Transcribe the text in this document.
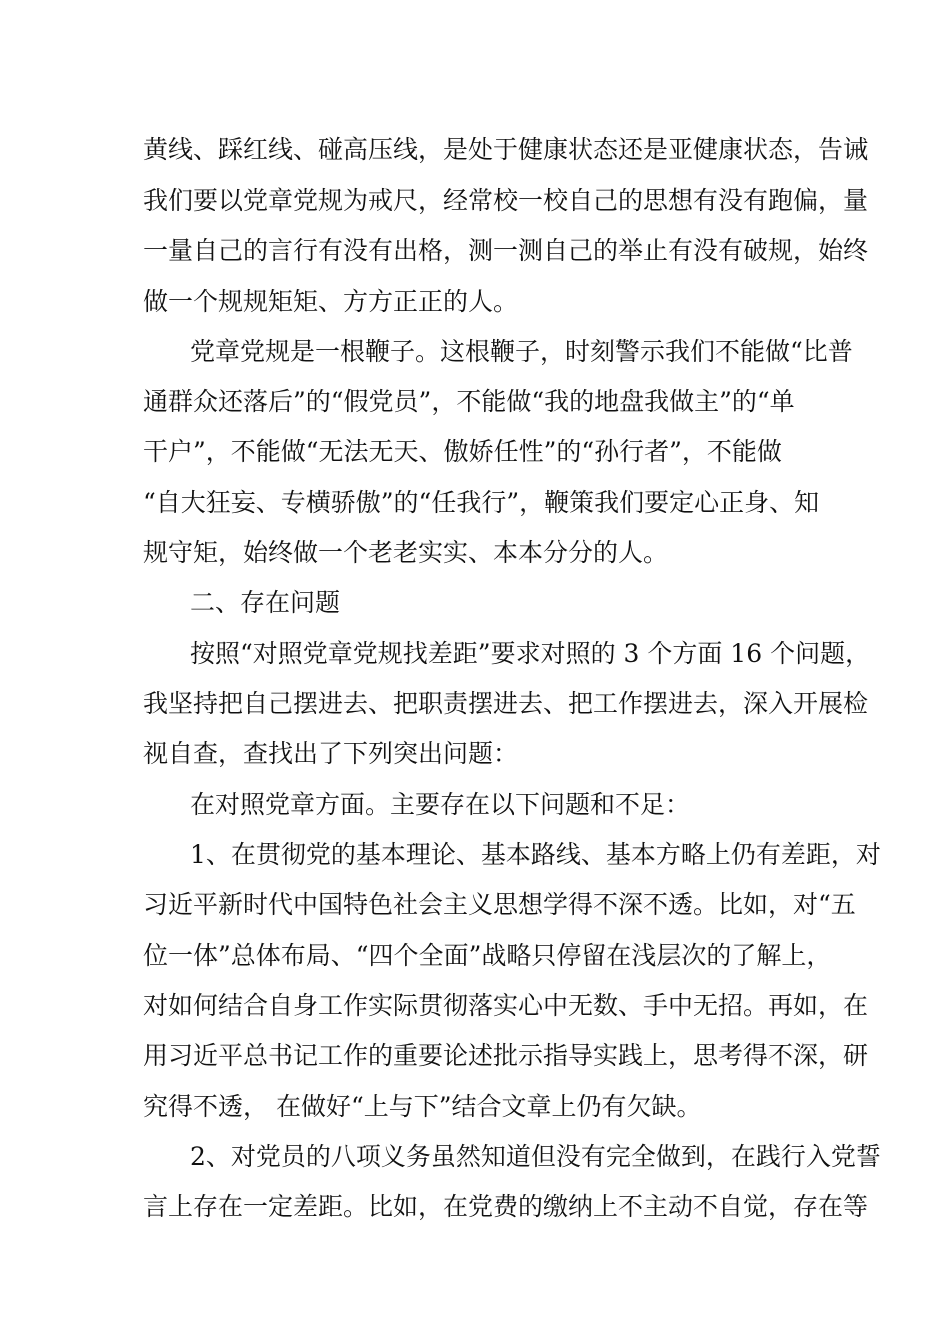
黄线、踩红线、碰高压线，是处于健康状态还是亚健康状态，告诫
我们要以党章党规为戒尺，经常校一校自己的思想有没有跑偏，量
一量自己的言行有没有出格，测一测自己的举止有没有破规，始终
做一个规规矩矩、方方正正的人。
党章党规是一根鞭子。这根鞭子，时刻警示我们不能做“比普
通群众还落后”的“假党员”，不能做“我的地盘我做主”的“单
干户”，不能做“无法无天、傲娇任性”的“孙行者”，不能做
“自大狂妄、专横骄傲”的“任我行”，鞭策我们要定心正身、知
规守矩，始终做一个老老实实、本本分分的人。
二、存在问题
按照“对照党章党规找差距”要求对照的 3 个方面 16 个问题，
我坚持把自己摆进去、把职责摆进去、把工作摆进去，深入开展检
视自查，查找出了下列突出问题：
在对照党章方面。主要存在以下问题和不足：
1、在贯彻党的基本理论、基本路线、基本方略上仍有差距，对
习近平新时代中国特色社会主义思想学得不深不透。比如，对“五
位一体”总体布局、“四个全面”战略只停留在浅层次的了解上，
对如何结合自身工作实际贯彻落实心中无数、手中无招。再如，在
用习近平总书记工作的重要论述批示指导实践上，思考得不深，研
究得不透， 在做好“上与下”结合文章上仍有欠缺。
2、对党员的八项义务虽然知道但没有完全做到，在践行入党誓
言上存在一定差距。比如，在党费的缴纳上不主动不自觉，存在等
